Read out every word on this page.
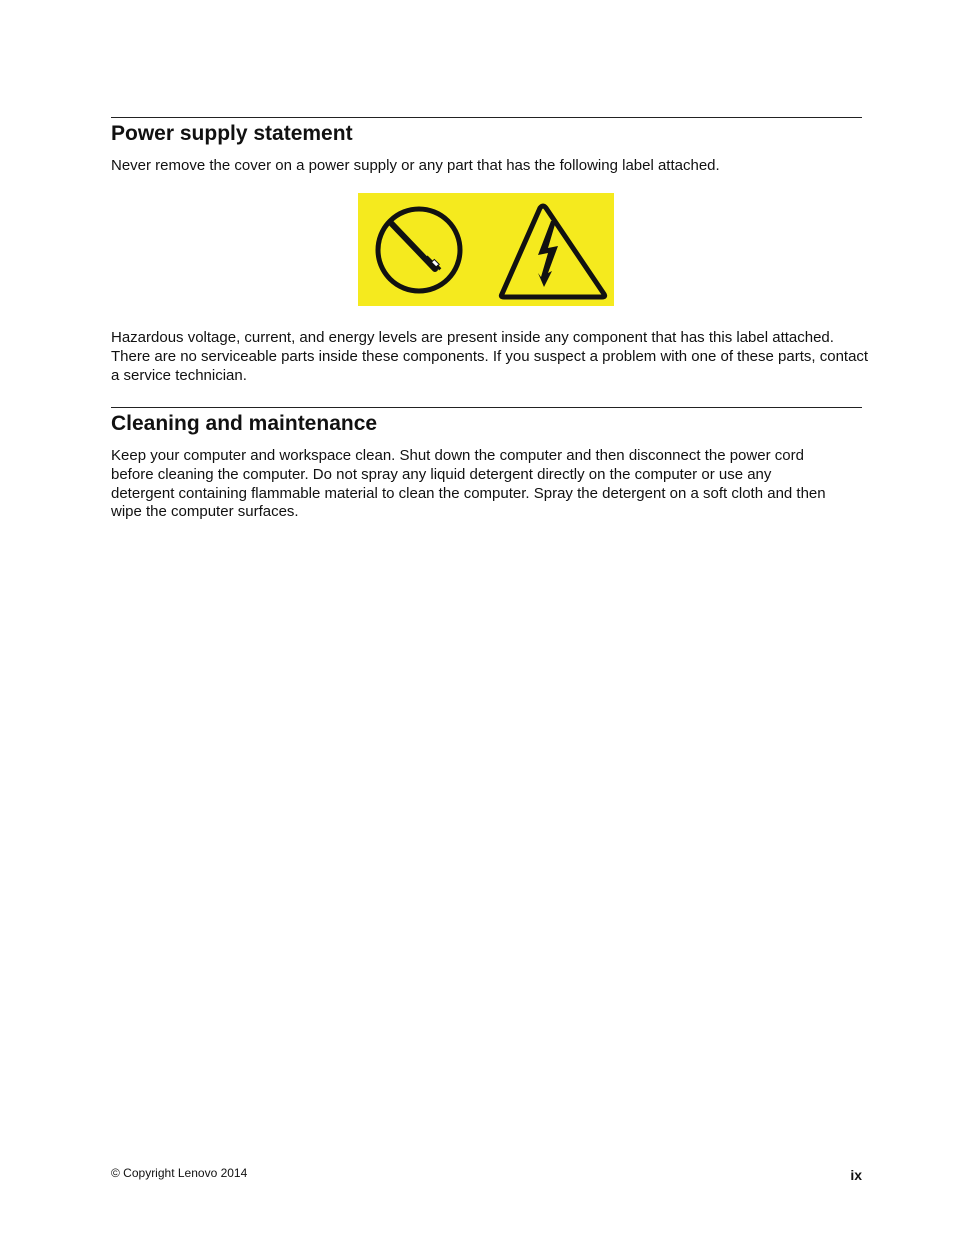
Power supply statement

Never remove the cover on a power supply or any part that has the following label attached.

Hazardous voltage, current, and energy levels are present inside any component that has this label attached. There are no serviceable parts inside these components. If you suspect a problem with one of these parts, contact a service technician.

Cleaning and maintenance

Keep your computer and workspace clean. Shut down the computer and then disconnect the power cord before cleaning the computer. Do not spray any liquid detergent directly on the computer or use any detergent containing flammable material to clean the computer. Spray the detergent on a soft cloth and then wipe the computer surfaces.

© Copyright Lenovo 2014	ix
